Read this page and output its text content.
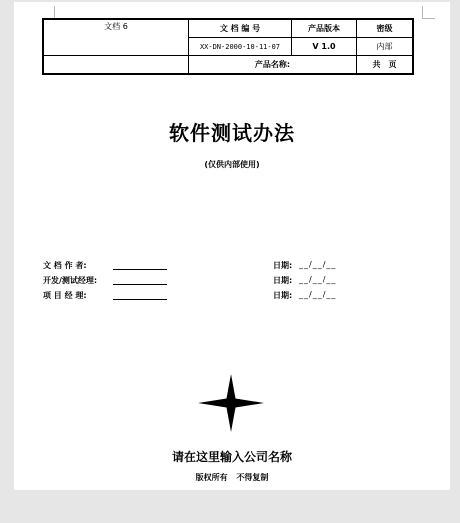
文档 6	文 档 编 号	产品版本	密级
	XX-DN-2000-10-11-07	V 1.0	内部
	产品名称:		共　页
软件测试办法
(仅供内部使用)
文 档 作 者:	日期: __/__/__
开发/测试经理:	日期: __/__/__
项 目 经 理:	日期: __/__/__
请在这里输入公司名称
版权所有 不得复制
